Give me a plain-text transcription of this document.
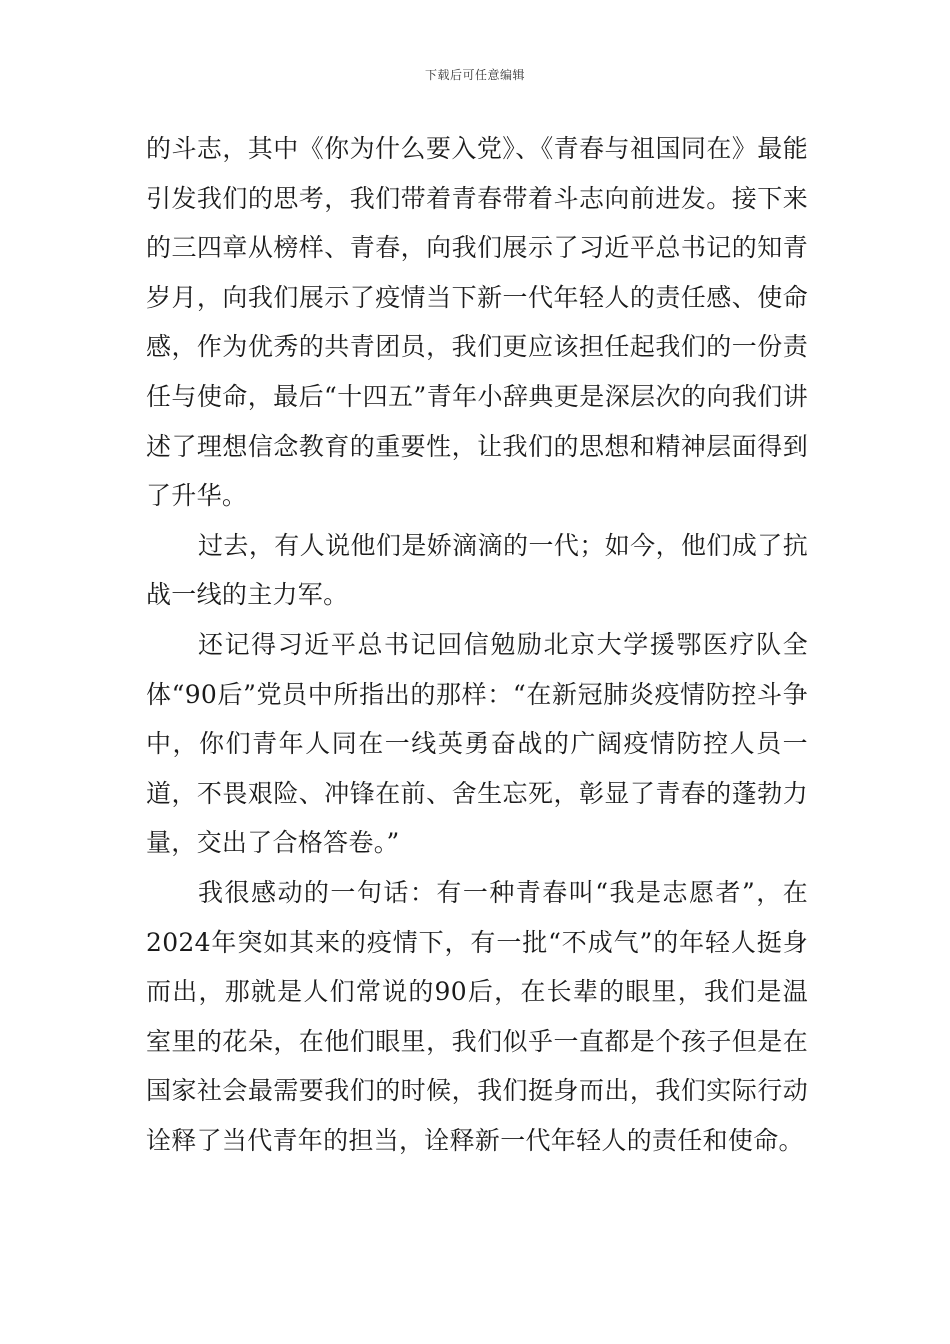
下载后可任意编辑

的斗志，其中《你为什么要入党》、《青春与祖国同在》最能引发我们的思考，我们带着青春带着斗志向前进发。接下来的三四章从榜样、青春，向我们展示了习近平总书记的知青岁月，向我们展示了疫情当下新一代年轻人的责任感、使命感，作为优秀的共青团员，我们更应该担任起我们的一份责任与使命，最后“十四五”青年小辞典更是深层次的向我们讲述了理想信念教育的重要性，让我们的思想和精神层面得到了升华。

过去，有人说他们是娇滴滴的一代；如今，他们成了抗战一线的主力军。

还记得习近平总书记回信勉励北京大学援鄂医疗队全体“90后”党员中所指出的那样：“在新冠肺炎疫情防控斗争中，你们青年人同在一线英勇奋战的广阔疫情防控人员一道，不畏艰险、冲锋在前、舍生忘死，彰显了青春的蓬勃力量，交出了合格答卷。”

我很感动的一句话：有一种青春叫“我是志愿者”，在2024年突如其来的疫情下，有一批“不成气”的年轻人挺身而出，那就是人们常说的90后，在长辈的眼里，我们是温室里的花朵，在他们眼里，我们似乎一直都是个孩子但是在国家社会最需要我们的时候，我们挺身而出，我们实际行动诠释了当代青年的担当，诠释新一代年轻人的责任和使命。
